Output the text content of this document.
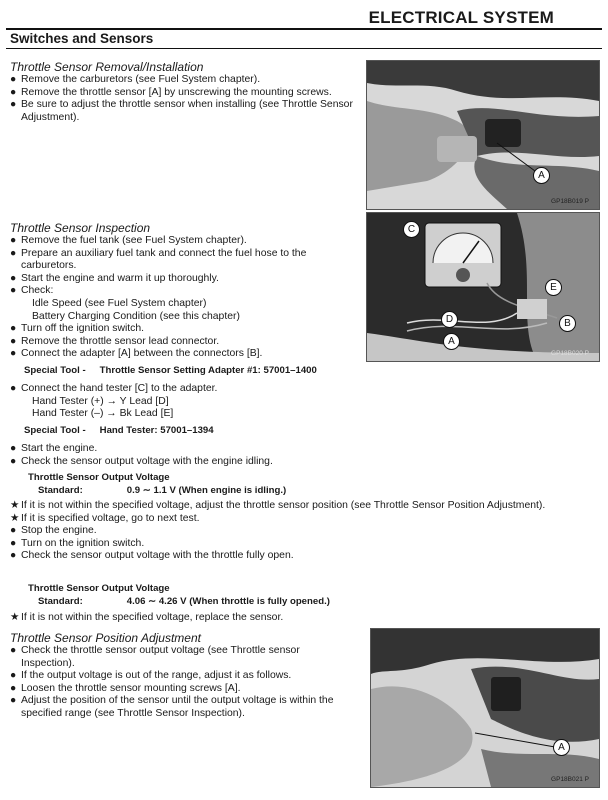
ELECTRICAL SYSTEM
Switches and Sensors
Throttle Sensor Removal/Installation
● Remove the carburetors (see Fuel System chapter).
● Remove the throttle sensor [A] by unscrewing the mounting screws.
● Be sure to adjust the throttle sensor when installing (see Throttle Sensor Adjustment).
A
GP18B019 P
Throttle Sensor Inspection
● Remove the fuel tank (see Fuel System chapter).
● Prepare an auxiliary fuel tank and connect the fuel hose to the carburetors.
● Start the engine and warm it up thoroughly.
● Check:
Idle Speed (see Fuel System chapter)
Battery Charging Condition (see this chapter)
● Turn off the ignition switch.
● Remove the throttle sensor lead connector.
● Connect the adapter [A] between the connectors [B].
Special Tool - Throttle Sensor Setting Adapter #1: 57001–1400
● Connect the hand tester [C] to the adapter.
Hand Tester (+) → Y Lead [D]
Hand Tester (–) → Bk Lead [E]
Special Tool - Hand Tester: 57001–1394
● Start the engine.
● Check the sensor output voltage with the engine idling.
Throttle Sensor Output Voltage
Standard:	0.9 ∼ 1.1 V (When engine is idling.)
★ If it is not within the specified voltage, adjust the throttle sensor position (see Throttle Sensor Position Adjustment).
★ If it is specified voltage, go to next test.
● Stop the engine.
● Turn on the ignition switch.
● Check the sensor output voltage with the throttle fully open.
Throttle Sensor Output Voltage
Standard:	4.06 ∼ 4.26 V (When throttle is fully opened.)
★ If it is not within the specified voltage, replace the sensor.
C
E
D	B
A
GP18B020 P
Throttle Sensor Position Adjustment
● Check the throttle sensor output voltage (see Throttle sensor Inspection).
● If the output voltage is out of the range, adjust it as follows.
● Loosen the throttle sensor mounting screws [A].
● Adjust the position of the sensor until the output voltage is within the specified range (see Throttle Sensor Inspection).
A
GP18B021 P
